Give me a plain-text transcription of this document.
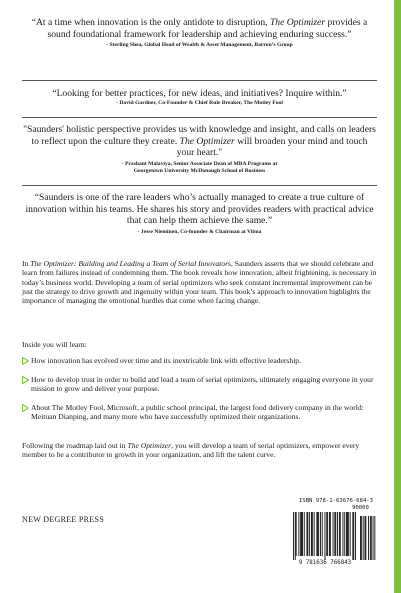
“At a time when innovation is the only antidote to disruption, The Optimizer provides a sound foundational framework for leadership and achieving enduring success.”
- Sterling Shea, Global Head of Wealth & Asset Management, Barron’s Group
“Looking for better practices, for new ideas, and initiatives? Inquire within.”
- David Gardner, Co-Founder & Chief Rule Breaker, The Motley Fool
"Saunders' holistic perspective provides us with knowledge and insight, and calls on leaders to reflect upon the culture they create. The Optimizer will broaden your mind and touch your heart."
- Prashant Malaviya, Senior Associate Dean of MBA Programs at
Georgetown University McDonough School of Business
“Saunders is one of the rare leaders who’s actually managed to create a true culture of innovation within his teams. He shares his story and provides readers with practical advice that can help them achieve the same.”
- Jesse Nieminen, Co-founder & Chairman at Viima
In The Optimizer: Building and Leading a Team of Serial Innovators, Saunders asserts that we should celebrate and learn from failures instead of condemning them. The book reveals how innovation, albeit frightening, is necessary in today’s business world. Developing a team of serial optimizers who seek constant incremental improvement can be just the strategy to drive growth and ingenuity within your team. This book’s approach to innovation highlights the importance of managing the emotional hurdles that come when facing change.
Inside you will learn:
How innovation has evolved over time and its inextricable link with effective leadership.
How to develop trust in order to build and lead a team of serial optimizers, ultimately engaging everyone in your mission to grow and deliver your purpose.
About The Motley Fool, Microsoft, a public school principal, the largest food delivery company in the world: Meituan Dianping, and many more who have successfully optimized their organizations.
Following the roadmap laid out in The Optimizer, you will develop a team of serial optimizers, empower every member to be a contributor to growth in your organization, and lift the talent curve.
NEW DEGREE PRESS
ISBN 978-1-63676-684-3
90000
9 781636 766843
